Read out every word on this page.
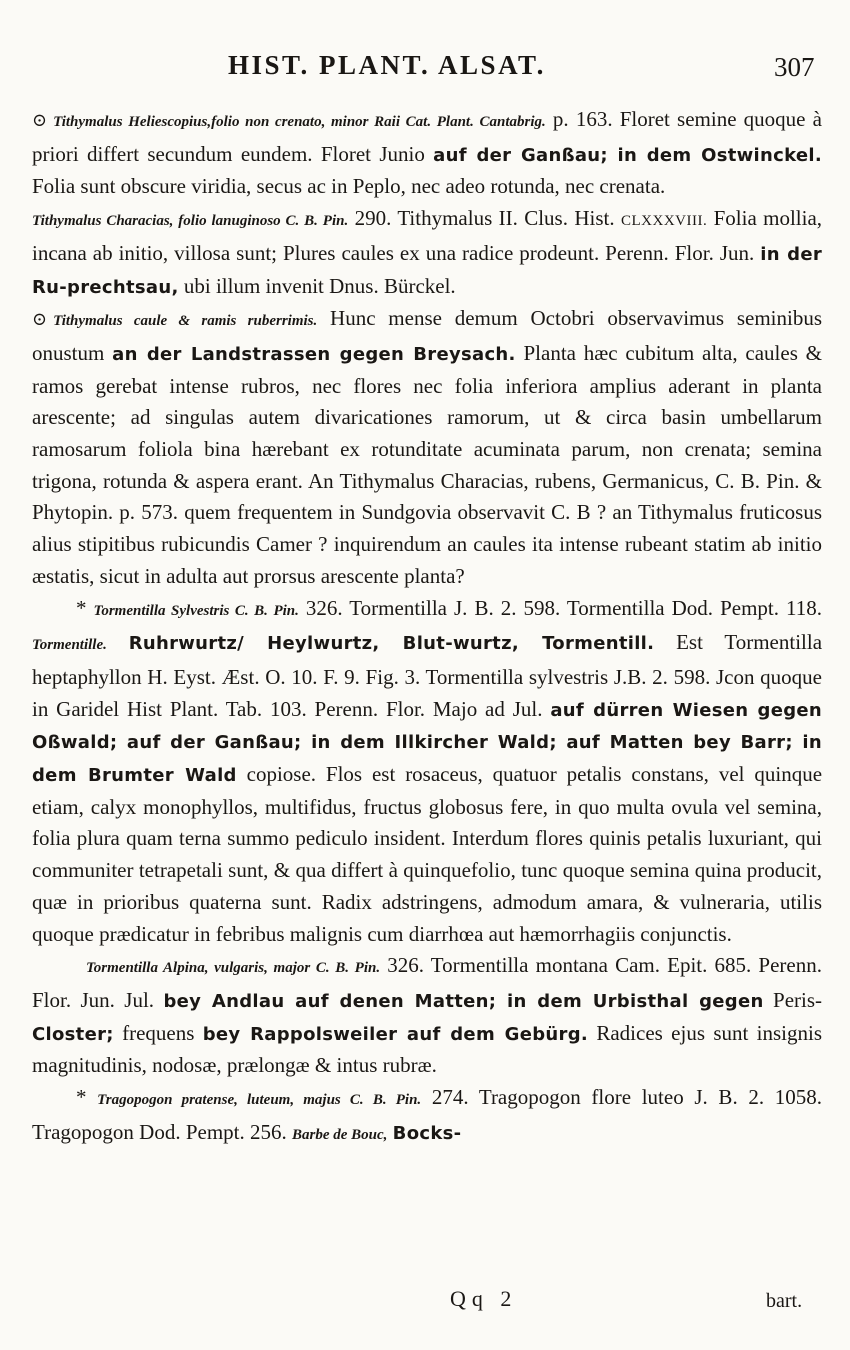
HIST. PLANT. ALSAT.	307

⊙ Tithymalus Heliescopius,folio non crenato, minor Raii Cat. Plant. Cantabrig. p. 163. Floret semine quoque à priori differt secundum eundem. Floret Junio auf der Ganßau; in dem Ostwinckel. Folia sunt obscure viridia, secus ac in Peplo, nec adeo rotunda, nec crenata.

Tithymalus Characias, folio lanuginoso C. B. Pin. 290. Tithymalus II. Clus. Hist. CLXXXVIII. Folia mollia, incana ab initio, villosa sunt; Plures caules ex una radice prodeunt. Perenn. Flor. Jun. in der Ru-prechtsau, ubi illum invenit Dnus. Bürckel.

⊙ Tithymalus caule & ramis ruberrimis. Hunc mense demum Octobri observavimus seminibus onustum an der Landstrassen gegen Breysach. Planta hæc cubitum alta, caules & ramos gerebat intense rubros, nec flores nec folia inferiora amplius aderant in planta arescente; ad singulas autem divaricationes ramorum, ut & circa basin umbellarum ramosarum foliola bina hærebant ex rotunditate acuminata parum, non crenata; semina trigona, rotunda & aspera erant. An Tithymalus Characias, rubens, Germanicus, C. B. Pin. & Phytopin. p. 573. quem frequentem in Sundgovia observavit C. B ? an Tithymalus fruticosus alius stipitibus rubicundis Camer ? inquirendum an caules ita intense rubeant statim ab initio æstatis, sicut in adulta aut prorsus arescente planta?

* Tormentilla Sylvestris C. B. Pin. 326. Tormentilla J. B. 2. 598. Tormentilla Dod. Pempt. 118. Tormentille. Ruhrwurtz/ Heylwurtz, Blut-wurtz, Tormentill. Est Tormentilla heptaphyllon H. Eyst. Æst. O. 10. F. 9. Fig. 3. Tormentilla sylvestris J.B. 2. 598. Jcon quoque in Garidel Hist Plant. Tab. 103. Perenn. Flor. Majo ad Jul. auf dürren Wiesen gegen Oßwald; auf der Ganßau; in dem Illkircher Wald; auf Matten bey Barr; in dem Brumter Wald copiose. Flos est rosaceus, quatuor petalis constans, vel quinque etiam, calyx monophyllos, multifidus, fructus globosus fere, in quo multa ovula vel semina, folia plura quam terna summo pediculo insident. Interdum flores quinis petalis luxuriant, qui communiter tetrapetali sunt, & qua differt à quinquefolio, tunc quoque semina quina producit, quæ in prioribus quaterna sunt. Radix adstringens, admodum amara, & vulneraria, utilis quoque prædicatur in febribus malignis cum diarrhœa aut hæmorrhagiis conjunctis.

Tormentilla Alpina, vulgaris, major C. B. Pin. 326. Tormentilla montana Cam. Epit. 685. Perenn. Flor. Jun. Jul. bey Andlau auf denen Matten; in dem Urbisthal gegen Peris-Closter; frequens bey Rappolsweiler auf dem Gebürg. Radices ejus sunt insignis magnitudinis, nodosæ, prælongæ & intus rubræ.

* Tragopogon pratense, luteum, majus C. B. Pin. 274. Tragopogon flore luteo J. B. 2. 1058. Tragopogon Dod. Pempt. 256. Barbe de Bouc, Bocks-

Qq 2	bart.
